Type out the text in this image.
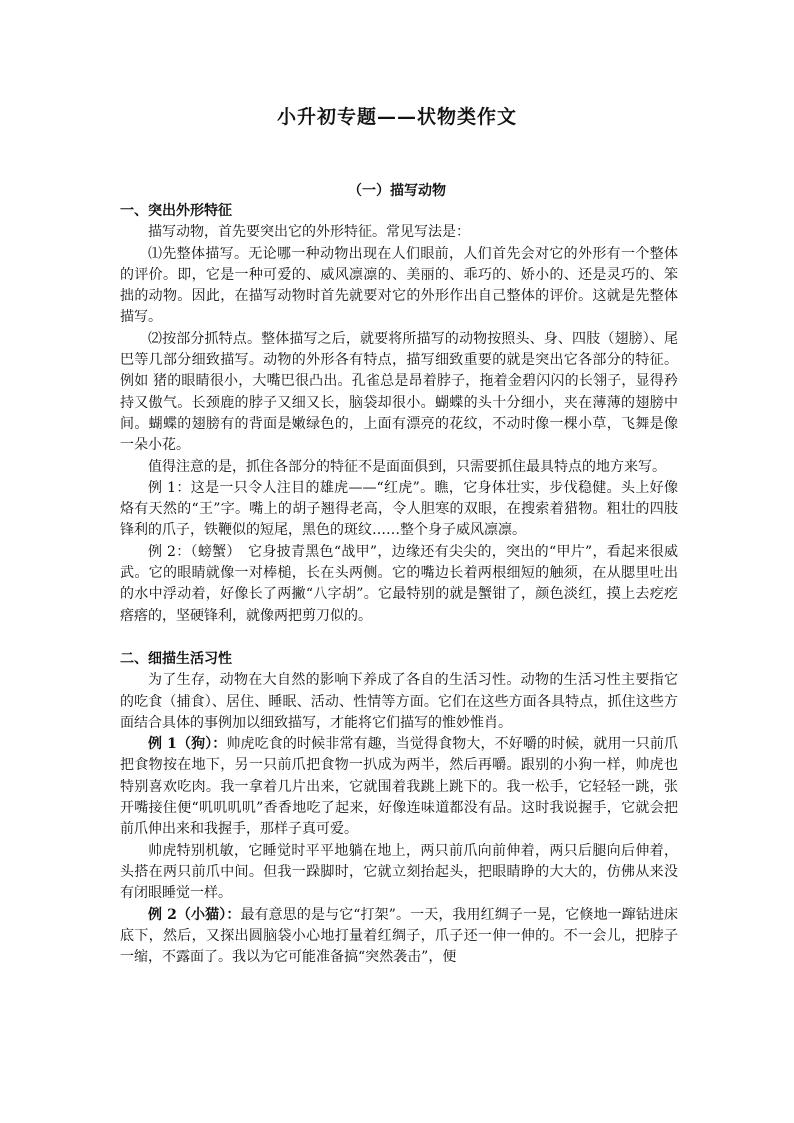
小升初专题——状物类作文
（一）描写动物

一、突出外形特征

描写动物，首先要突出它的外形特征。常见写法是：

⑴先整体描写。无论哪一种动物出现在人们眼前，人们首先会对它的外形有一个整体的评价。即，它是一种可爱的、威风凛凛的、美丽的、乖巧的、娇小的、还是灵巧的、笨拙的动物。因此，在描写动物时首先就要对它的外形作出自己整体的评价。这就是先整体描写。

⑵按部分抓特点。整体描写之后，就要将所描写的动物按照头、身、四肢（翅膀）、尾巴等几部分细致描写。动物的外形各有特点，描写细致重要的就是突出它各部分的特征。例如 猪的眼睛很小，大嘴巴很凸出。孔雀总是昂着脖子，拖着金碧闪闪的长翎子，显得矜持又傲气。长颈鹿的脖子又细又长，脑袋却很小。蝴蝶的头十分细小，夹在薄薄的翅膀中间。蝴蝶的翅膀有的背面是嫩绿色的，上面有漂亮的花纹，不动时像一棵小草，飞舞是像一朵小花。

值得注意的是，抓住各部分的特征不是面面俱到，只需要抓住最具特点的地方来写。

例 1：这是一只令人注目的雄虎——“红虎”。瞧，它身体壮实，步伐稳健。头上好像烙有天然的“王”字。嘴上的胡子翘得老高，令人胆寒的双眼，在搜索着猎物。粗壮的四肢　锋利的爪子，铁鞭似的短尾，黑色的斑纹……整个身子威风凛凛。

例 2：（螃蟹）　它身披青黑色“战甲”，边缘还有尖尖的，突出的“甲片”，看起来很威武。它的眼睛就像一对棒槌，长在头两侧。它的嘴边长着两根细短的触须，在从腮里吐出的水中浮动着，好像长了两撇“八字胡”。它最特别的就是蟹钳了，颜色淡红，摸上去疙疙瘩瘩的，坚硬锋利，就像两把剪刀似的。

二、细描生活习性

为了生存，动物在大自然的影响下养成了各自的生活习性。动物的生活习性主要指它的吃食（捕食）、居住、睡眠、活动、性情等方面。它们在这些方面各具特点，抓住这些方面结合具体的事例加以细致描写，才能将它们描写的惟妙惟肖。

例 1（狗）：帅虎吃食的时候非常有趣，当觉得食物大，不好嚼的时候，就用一只前爪把食物按在地下，另一只前爪把食物一扒成为两半，然后再嚼。跟别的小狗一样，帅虎也特别喜欢吃肉。我一拿着几片出来，它就围着我跳上跳下的。我一松手，它轻轻一跳，张开嘴接住便“叽叽叽叽”香香地吃了起来，好像连味道都没有品。这时我说握手，它就会把前爪伸出来和我握手，那样子真可爱。

帅虎特别机敏，它睡觉时平平地躺在地上，两只前爪向前伸着，两只后腿向后伸着，头搭在两只前爪中间。但我一跺脚时，它就立刻抬起头，把眼睛睁的大大的，仿佛从来没有闭眼睡觉一样。

例 2（小猫）：最有意思的是与它“打架”。一天，我用红绸子一晃，它倏地一蹿钻进床底下，然后，又探出圆脑袋小心地打量着红绸子，爪子还一伸一伸的。不一会儿，把脖子一缩，不露面了。我以为它可能准备搞“突然袭击”，便
